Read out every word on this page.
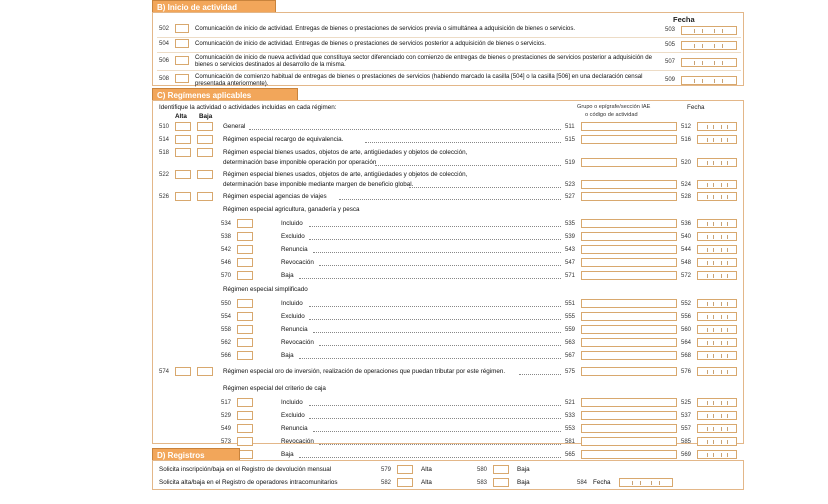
B) Inicio de actividad
Fecha
502	Comunicación de inicio de actividad. Entregas de bienes o prestaciones de servicios previa o simultánea a adquisición de bienes o servicios.	503
504	Comunicación de inicio de actividad. Entregas de bienes o prestaciones de servicios posterior a adquisición de bienes o servicios.	505
506	Comunicación de inicio de nueva actividad que constituya sector diferenciado con comienzo de entregas de bienes o prestaciones de servicios posterior a adquisición de bienes o servicios destinados al desarrollo de la misma.	507
508	Comunicación de comienzo habitual de entregas de bienes o prestaciones de servicios (habiendo marcado la casilla [504] o la casilla [506] en una declaración censal presentada anteriormente).
509
C) Regímenes aplicables
Identifique la actividad o actividades incluidas en cada régimen:	Grupo o epígrafe/sección IAE
o código de actividad
Fecha
Alta Baja
510	General	511	512
514	Régimen especial recargo de equivalencia.	515	516
518	Régimen especial bienes usados, objetos de arte, antigüedades y objetos de colección,
determinación base imponible operación por operación	519	520
522	Régimen especial bienes usados, objetos de arte, antigüedades y objetos de colección,
determinación base imponible mediante margen de beneficio global.	523	524
526	Régimen especial agencias de viajes	527	528
Régimen especial agricultura, ganadería y pesca
534	Incluido	535	536
538	Excluido	539	540
542	Renuncia	543	544
546	Revocación	547	548
570	Baja	571	572
Régimen especial simplificado
550	Incluido	551	552
554	Excluido	555	556
558	Renuncia	559	560
562	Revocación	563	564
566	Baja	567	568
574	Régimen especial oro de inversión, realización de operaciones que puedan tributar por este régimen.	575	576
Régimen especial del criterio de caja
517	Incluido	521	525
529	Excluido	533	537
549	Renuncia	553	557
573	Revocación	581	585
Baja	565	569
D) Registros
Solicita inscripción/baja en el Registro de devolución mensual	579	Alta	580	Baja
Solicita alta/baja en el Registro de operadores intracomunitarios	582	Alta	583	Baja	584 Fecha
